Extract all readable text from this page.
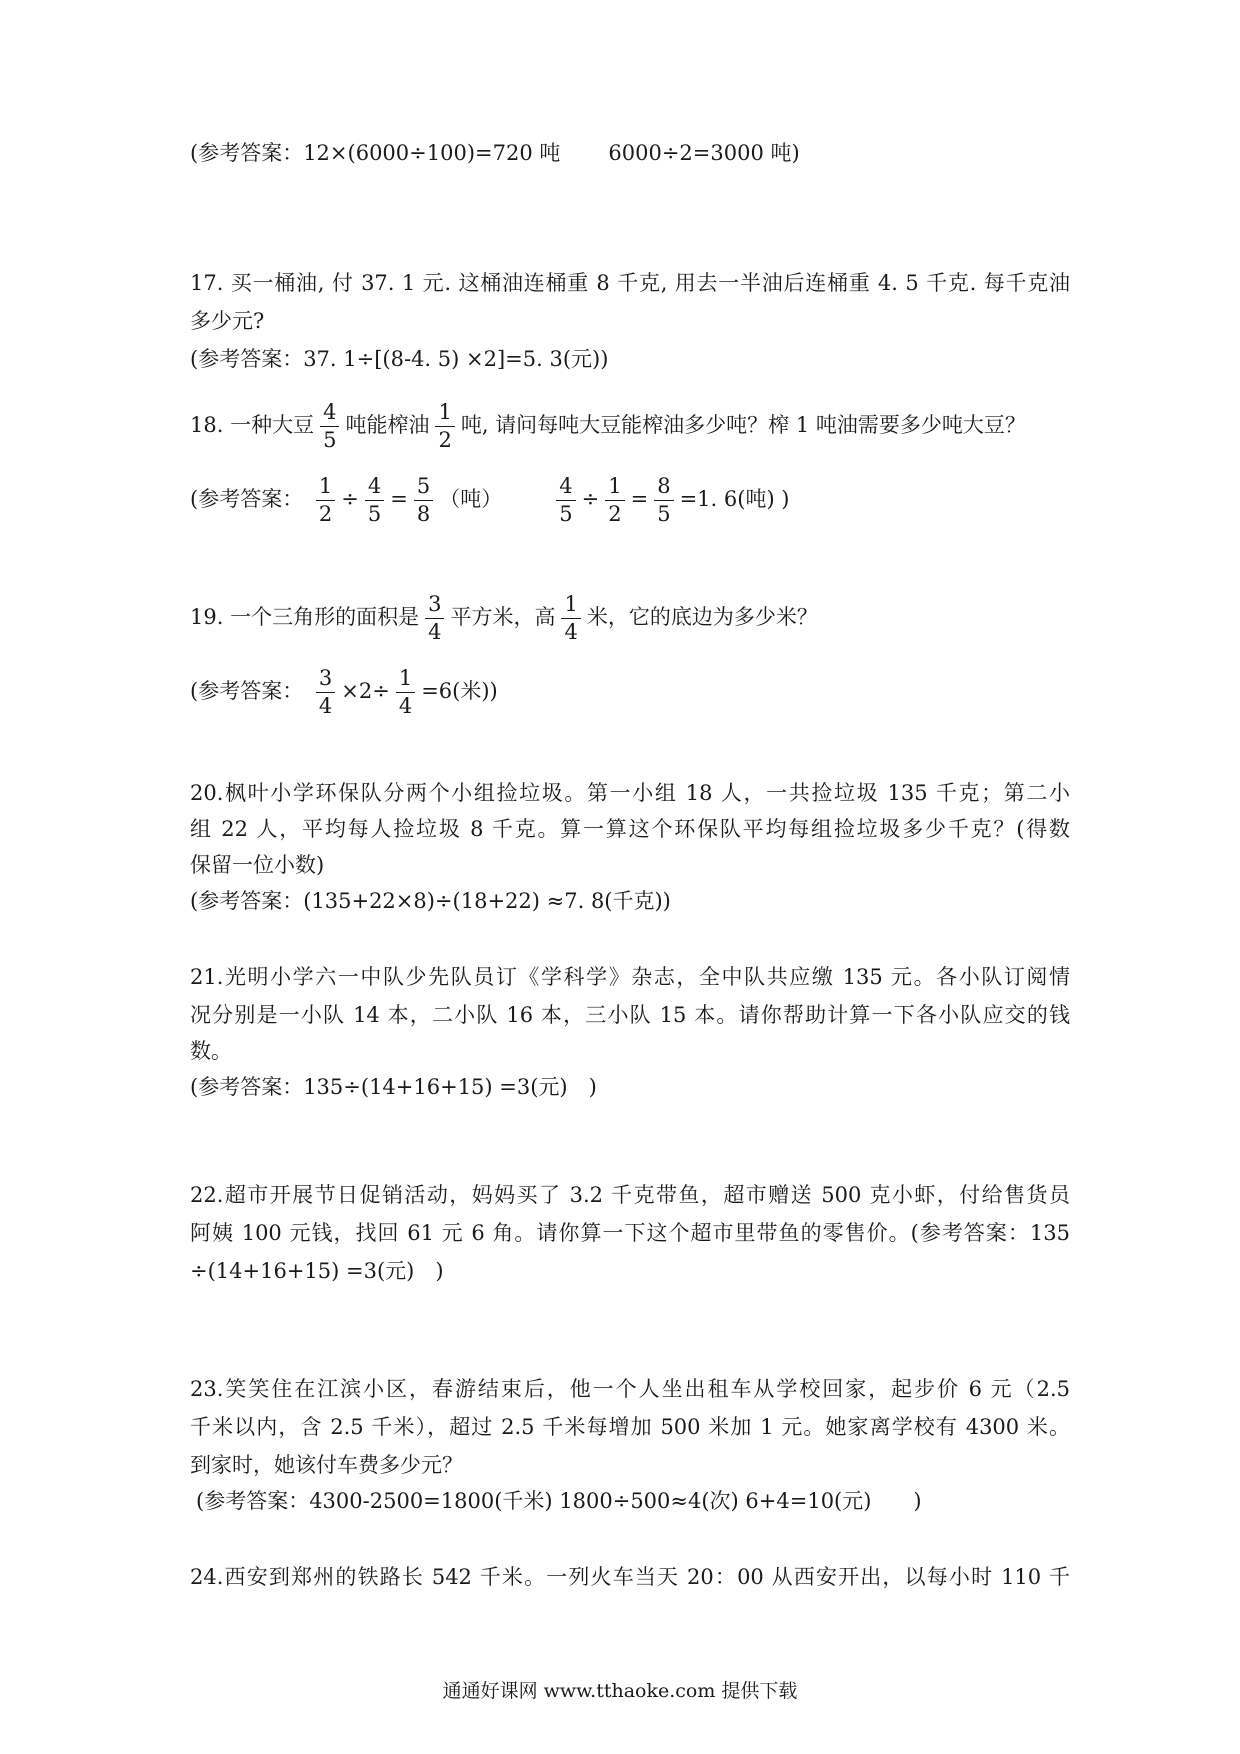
(参考答案：12×(6000÷100)=720 吨 6000÷2=3000 吨)
17. 买一桶油, 付 37. 1 元. 这桶油连桶重 8 千克, 用去一半油后连桶重 4. 5 千克. 每千克油
多少元?
(参考答案：37. 1÷[(8-4. 5) ×2]=5. 3(元))
18. 一种大豆 $\frac{4}{5}$ 吨能榨油 $\frac{1}{2}$ 吨, 请问每吨大豆能榨油多少吨？榨 1 吨油需要多少吨大豆？
(参考答案： $\frac{1}{2} \div \frac{4}{5} = \frac{5}{8}$ （吨）	$\frac{4}{5} \div \frac{1}{2} = \frac{8}{5} =1$. 6(吨) )
19. 一个三角形的面积是 $\frac{3}{4}$ 平方米，高 $\frac{1}{4}$ 米，它的底边为多少米？
(参考答案： $\frac{3}{4} \times 2\div \frac{1}{4} =6$(米))
20.枫叶小学环保队分两个小组捡垃圾。第一小组 18 人，一共捡垃圾 135 千克；第二小
组 22 人，平均每人捡垃圾 8 千克。算一算这个环保队平均每组捡垃圾多少千克？(得数
保留一位小数)
(参考答案：(135+22×8)÷(18+22) ≈7. 8(千克))
21.光明小学六一中队少先队员订《学科学》杂志，全中队共应缴 135 元。各小队订阅情
况分别是一小队 14 本，二小队 16 本，三小队 15 本。请你帮助计算一下各小队应交的钱
数。
(参考答案：135÷(14+16+15) =3(元)　)
22.超市开展节日促销活动，妈妈买了 3.2 千克带鱼，超市赠送 500 克小虾，付给售货员
阿姨 100 元钱，找回 61 元 6 角。请你算一下这个超市里带鱼的零售价。(参考答案：135
÷(14+16+15) =3(元)　)
23.笑笑住在江滨小区，春游结束后，他一个人坐出租车从学校回家，起步价 6 元（2.5
千米以内，含 2.5 千米），超过 2.5 千米每增加 500 米加 1 元。她家离学校有 4300 米。
到家时，她该付车费多少元？
(参考答案：4300-2500=1800(千米) 1800÷500≈4(次) 6+4=10(元)　　)
24.西安到郑州的铁路长 542 千米。一列火车当天 20：00 从西安开出，以每小时 110 千
通通好课网 www.tthaoke.com 提供下载
